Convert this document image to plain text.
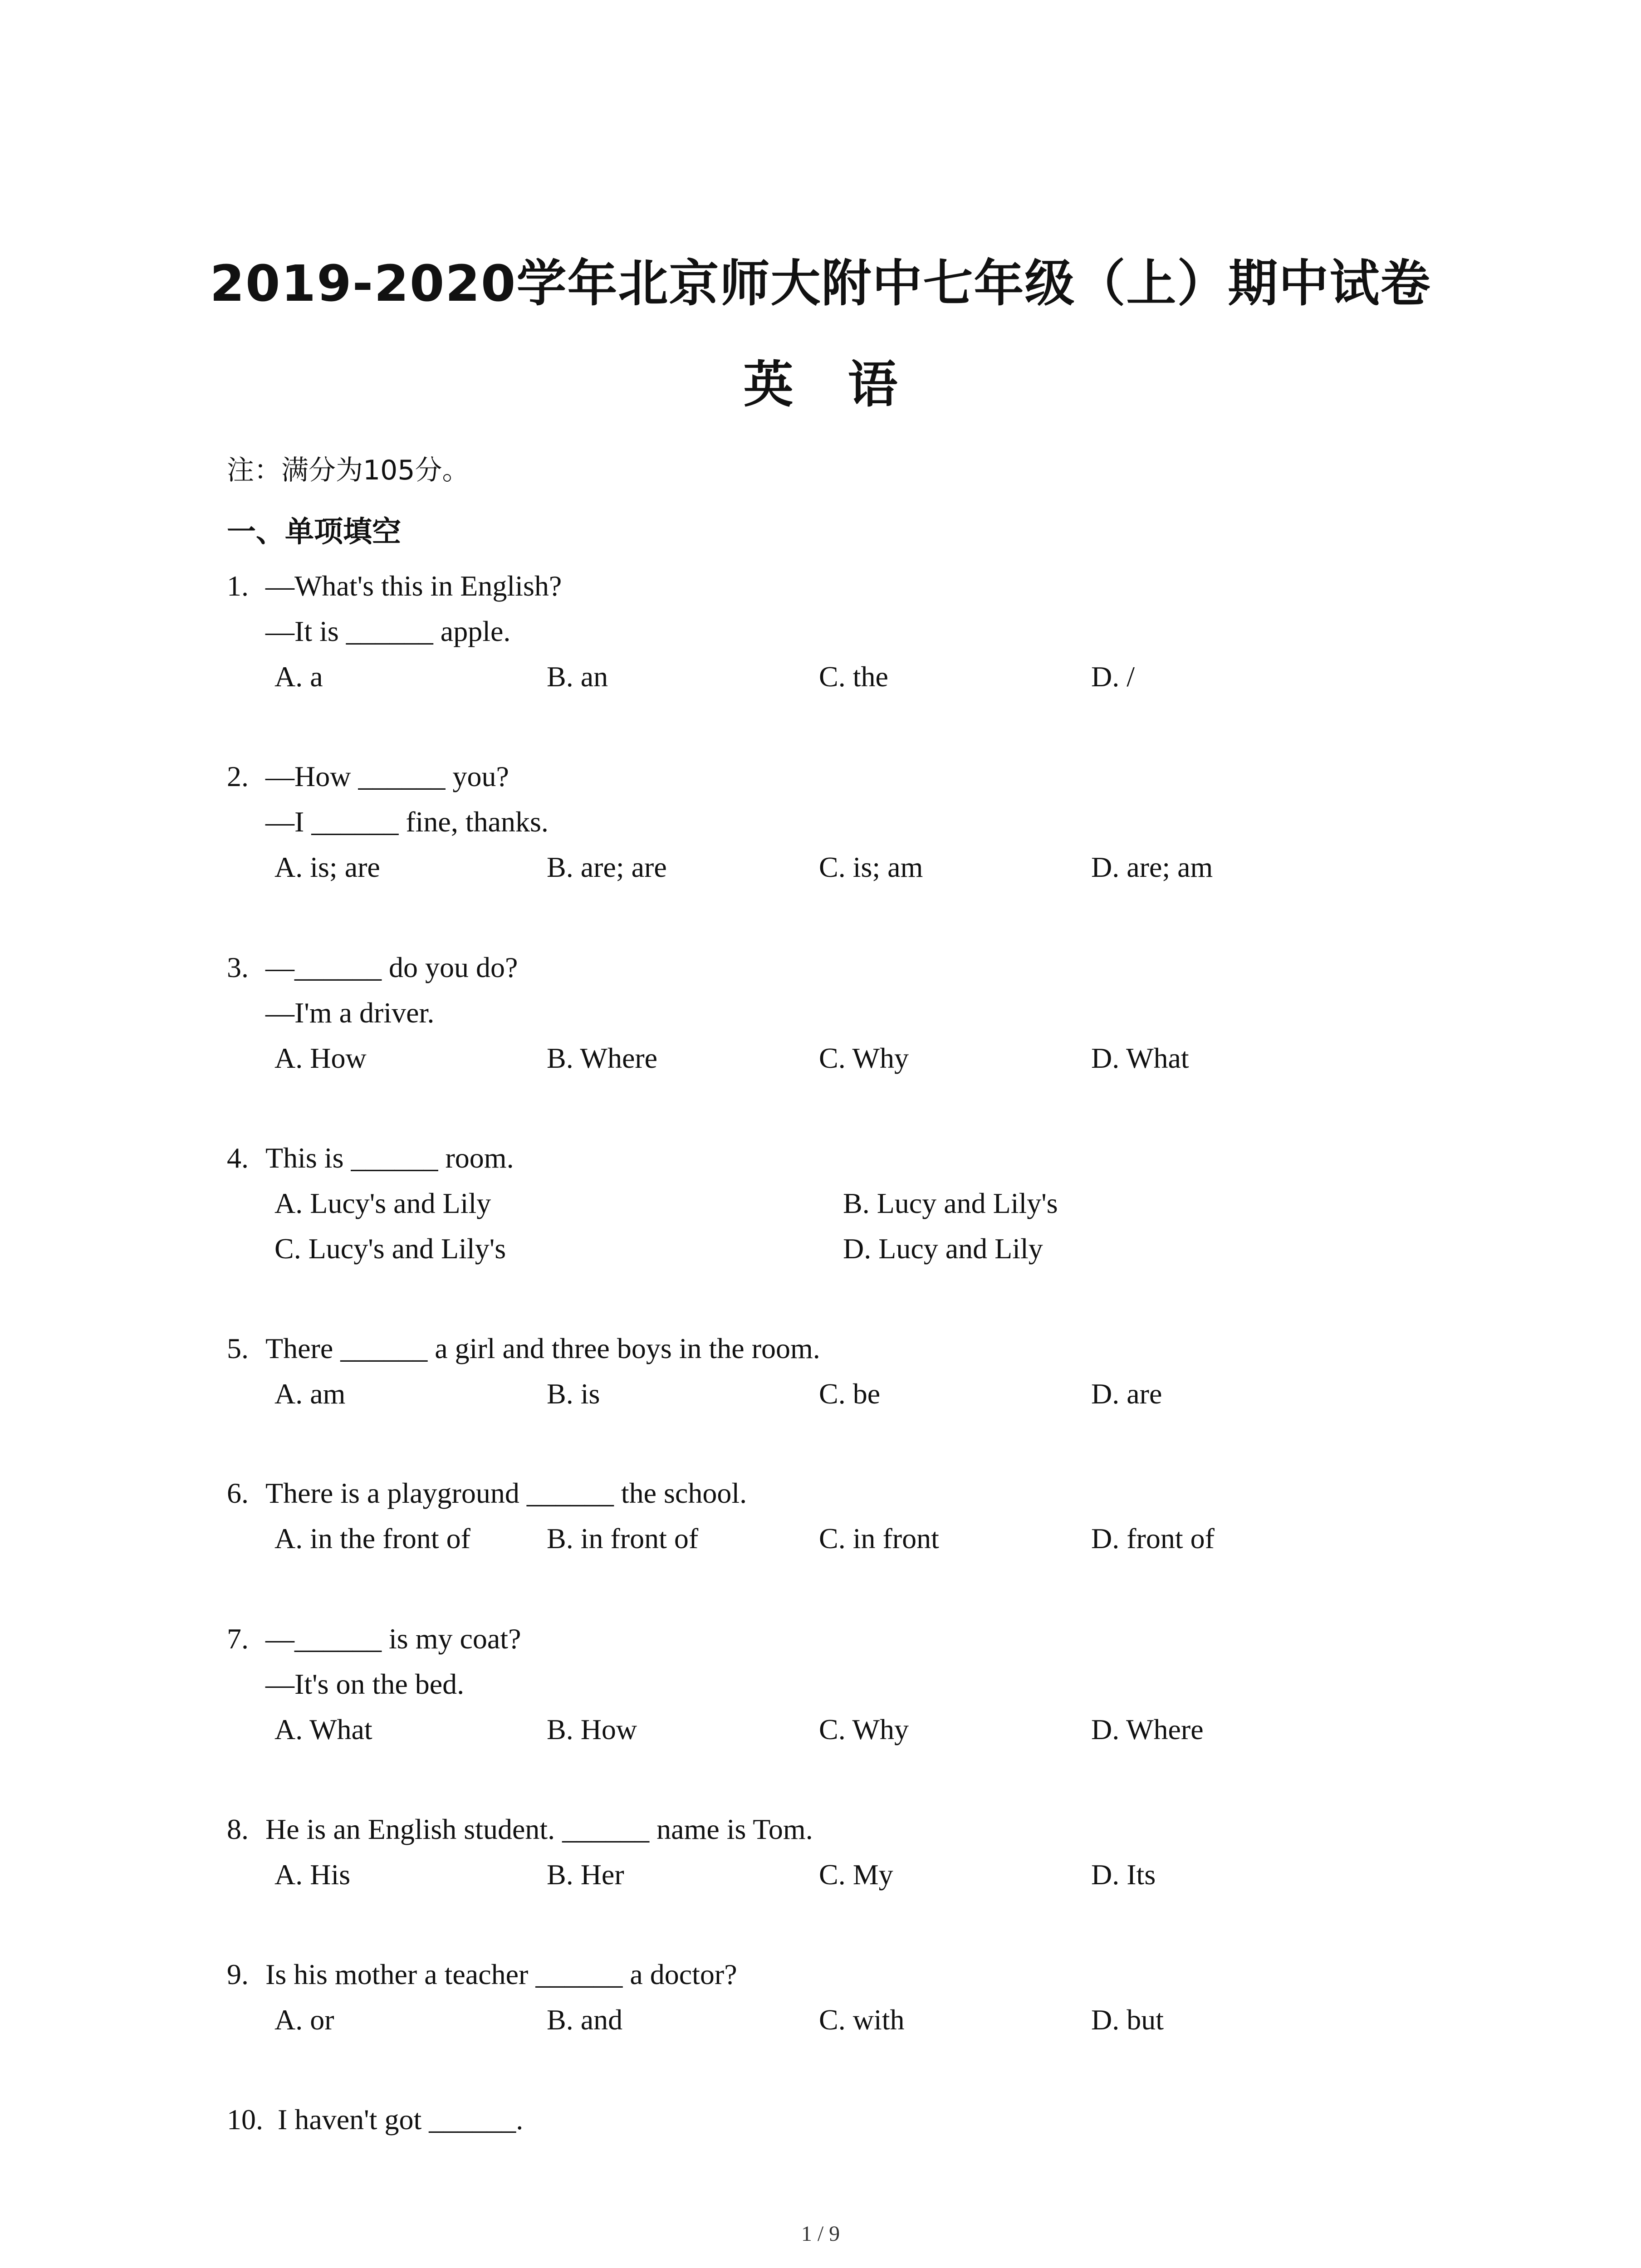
2019-2020学年北京师大附中七年级（上）期中试卷
英语
注：满分为105分。
一、单项填空
1. —What's this in English?
—It is ______ apple.
A. a	B. an	C. the	D. /
2. —How ______ you?
—I ______ fine, thanks.
A. is; are	B. are; are	C. is; am	D. are; am
3. —______ do you do?
—I'm a driver.
A. How	B. Where	C. Why	D. What
4. This is ______ room.
A. Lucy's and Lily	B. Lucy and Lily's
C. Lucy's and Lily's	D. Lucy and Lily
5. There ______ a girl and three boys in the room.
A. am	B. is	C. be	D. are
6. There is a playground ______ the school.
A. in the front of	B. in front of	C. in front	D. front of
7. —______ is my coat?
—It's on the bed.
A. What	B. How	C. Why	D. Where
8. He is an English student. ______ name is Tom.
A. His	B. Her	C. My	D. Its
9. Is his mother a teacher ______ a doctor?
A. or	B. and	C. with	D. but
10. I haven't got ______.
1 / 9
